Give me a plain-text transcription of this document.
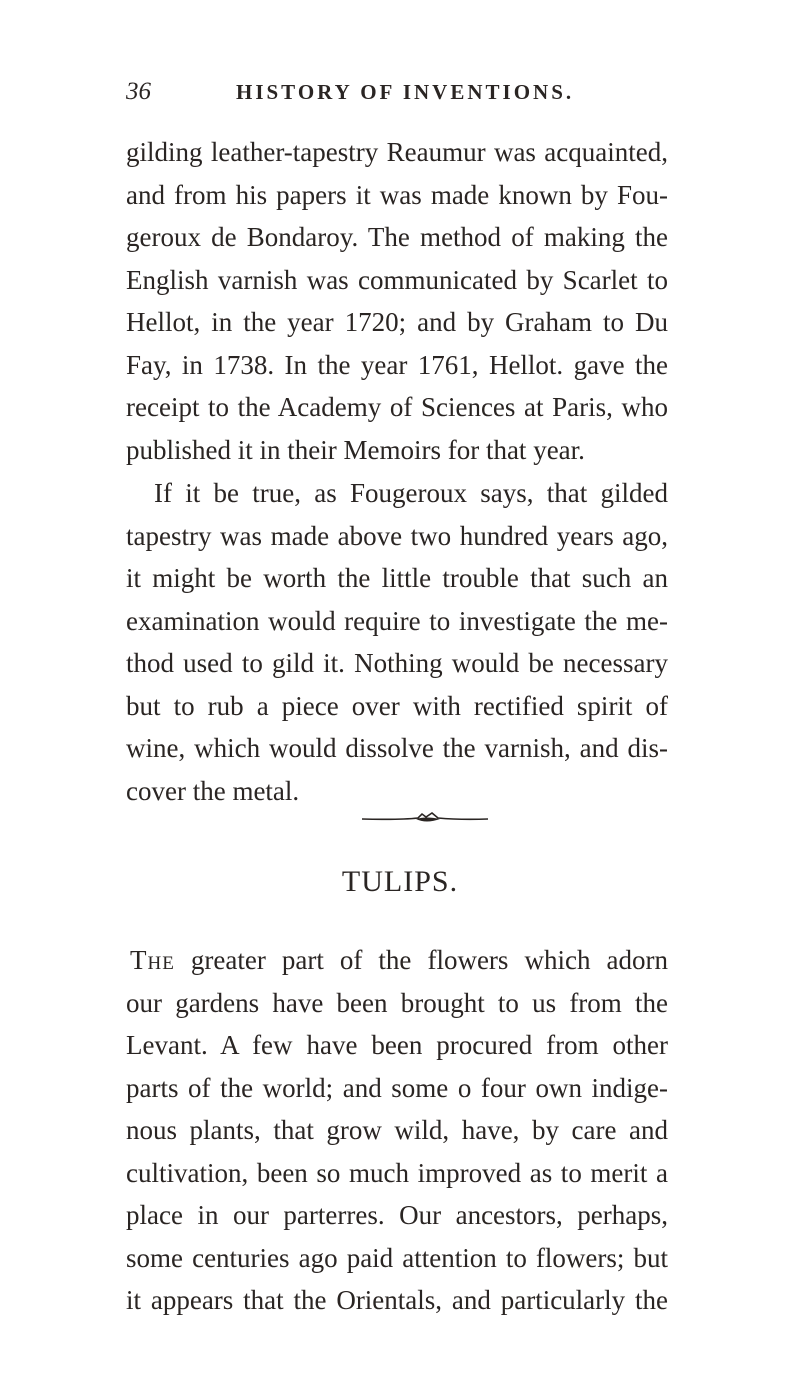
36	HISTORY OF INVENTIONS.
gilding leather-tapestry Reaumur was acquainted,
and from his papers it was made known by Fou-
geroux de Bondaroy. The method of making the
English varnish was communicated by Scarlet to
Hellot, in the year 1720; and by Graham to Du
Fay, in 1738. In the year 1761, Hellot. gave the
receipt to the Academy of Sciences at Paris, who
published it in their Memoirs for that year.
If it be true, as Fougeroux says, that gilded
tapestry was made above two hundred years ago,
it might be worth the little trouble that such an
examination would require to investigate the me-
thod used to gild it. Nothing would be necessary
but to rub a piece over with rectified spirit of
wine, which would dissolve the varnish, and dis-
cover the metal.
TULIPS.
The greater part of the flowers which adorn
our gardens have been brought to us from the
Levant. A few have been procured from other
parts of the world; and some o four own indige-
nous plants, that grow wild, have, by care and
cultivation, been so much improved as to merit a
place in our parterres. Our ancestors, perhaps,
some centuries ago paid attention to flowers; but
it appears that the Orientals, and particularly the
